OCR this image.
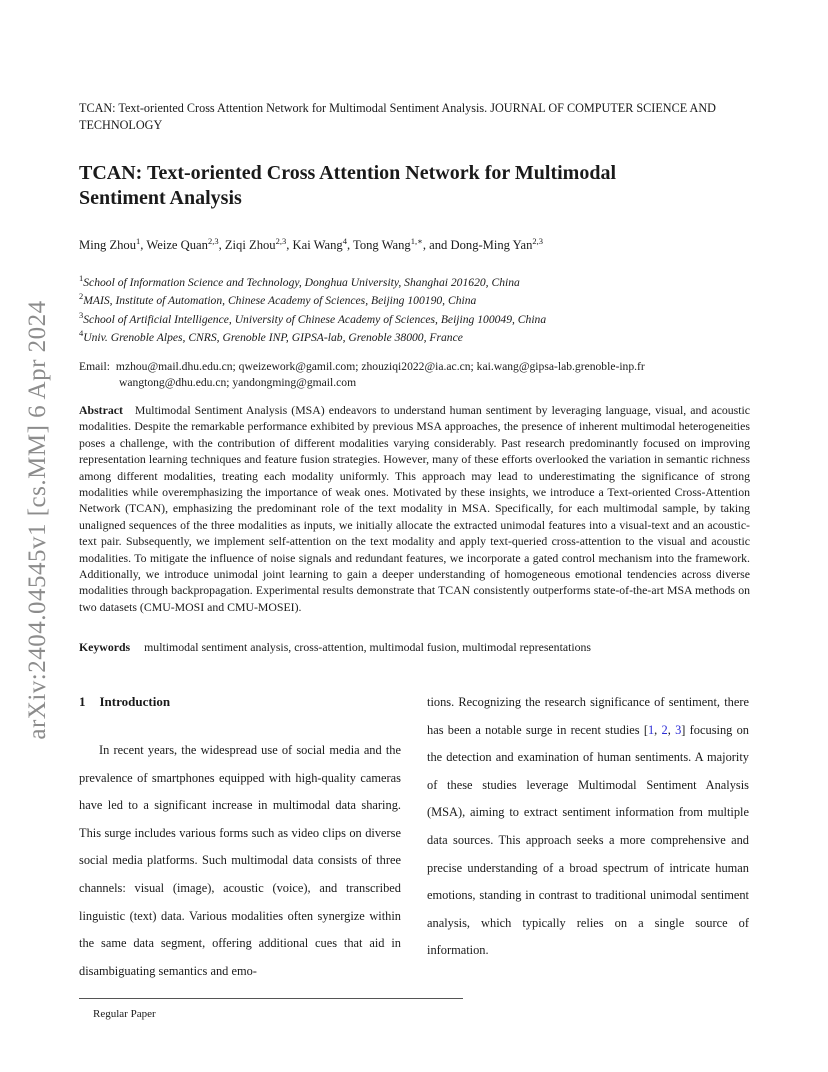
arXiv:2404.04545v1 [cs.MM] 6 Apr 2024
TCAN: Text-oriented Cross Attention Network for Multimodal Sentiment Analysis. JOURNAL OF COMPUTER SCIENCE AND TECHNOLOGY
TCAN: Text-oriented Cross Attention Network for Multimodal
Sentiment Analysis
Ming Zhou$^1$, Weize Quan$^{2,3}$, Ziqi Zhou$^{2,3}$, Kai Wang$^4$, Tong Wang$^{1,∗}$, and Dong-Ming Yan$^{2,3}$
$^1$School of Information Science and Technology, Donghua University, Shanghai 201620, China
$^2$MAIS, Institute of Automation, Chinese Academy of Sciences, Beijing 100190, China
$^3$School of Artificial Intelligence, University of Chinese Academy of Sciences, Beijing 100049, China
$^4$Univ. Grenoble Alpes, CNRS, Grenoble INP, GIPSA-lab, Grenoble 38000, France
Email: mzhou@mail.dhu.edu.cn; qweizework@gamil.com; zhouziqi2022@ia.ac.cn; kai.wang@gipsa-lab.grenoble-inp.fr
wangtong@dhu.edu.cn; yandongming@gmail.com
Abstract Multimodal Sentiment Analysis (MSA) endeavors to understand human sentiment by leveraging language, visual, and acoustic modalities. Despite the remarkable performance exhibited by previous MSA approaches, the presence of inherent multimodal heterogeneities poses a challenge, with the contribution of different modalities varying considerably. Past research predominantly focused on improving representation learning techniques and feature fusion strategies. However, many of these efforts overlooked the variation in semantic richness among different modalities, treating each modality uniformly. This approach may lead to underestimating the significance of strong modalities while overemphasizing the importance of weak ones. Motivated by these insights, we introduce a Text-oriented Cross-Attention Network (TCAN), emphasizing the predominant role of the text modality in MSA. Specifically, for each multimodal sample, by taking unaligned sequences of the three modalities as inputs, we initially allocate the extracted unimodal features into a visual-text and an acoustic-text pair. Subsequently, we implement self-attention on the text modality and apply text-queried cross-attention to the visual and acoustic modalities. To mitigate the influence of noise signals and redundant features, we incorporate a gated control mechanism into the framework. Additionally, we introduce unimodal joint learning to gain a deeper understanding of homogeneous emotional tendencies across diverse modalities through backpropagation. Experimental results demonstrate that TCAN consistently outperforms state-of-the-art MSA methods on two datasets (CMU-MOSI and CMU-MOSEI).
Keywords multimodal sentiment analysis, cross-attention, multimodal fusion, multimodal representations
1 Introduction
In recent years, the widespread use of social media and the prevalence of smartphones equipped with high-quality cameras have led to a significant increase in multimodal data sharing. This surge includes various forms such as video clips on diverse social media platforms. Such multimodal data consists of three channels: visual (image), acoustic (voice), and transcribed linguistic (text) data. Various modalities often synergize within the same data segment, offering additional cues that aid in disambiguating semantics and emo-
tions. Recognizing the research significance of sentiment, there has been a notable surge in recent studies [1, 2, 3] focusing on the detection and examination of human sentiments. A majority of these studies leverage Multimodal Sentiment Analysis (MSA), aiming to extract sentiment information from multiple data sources. This approach seeks a more comprehensive and precise understanding of a broad spectrum of intricate human emotions, standing in contrast to traditional unimodal sentiment analysis, which typically relies on a single source of information.
Regular Paper
